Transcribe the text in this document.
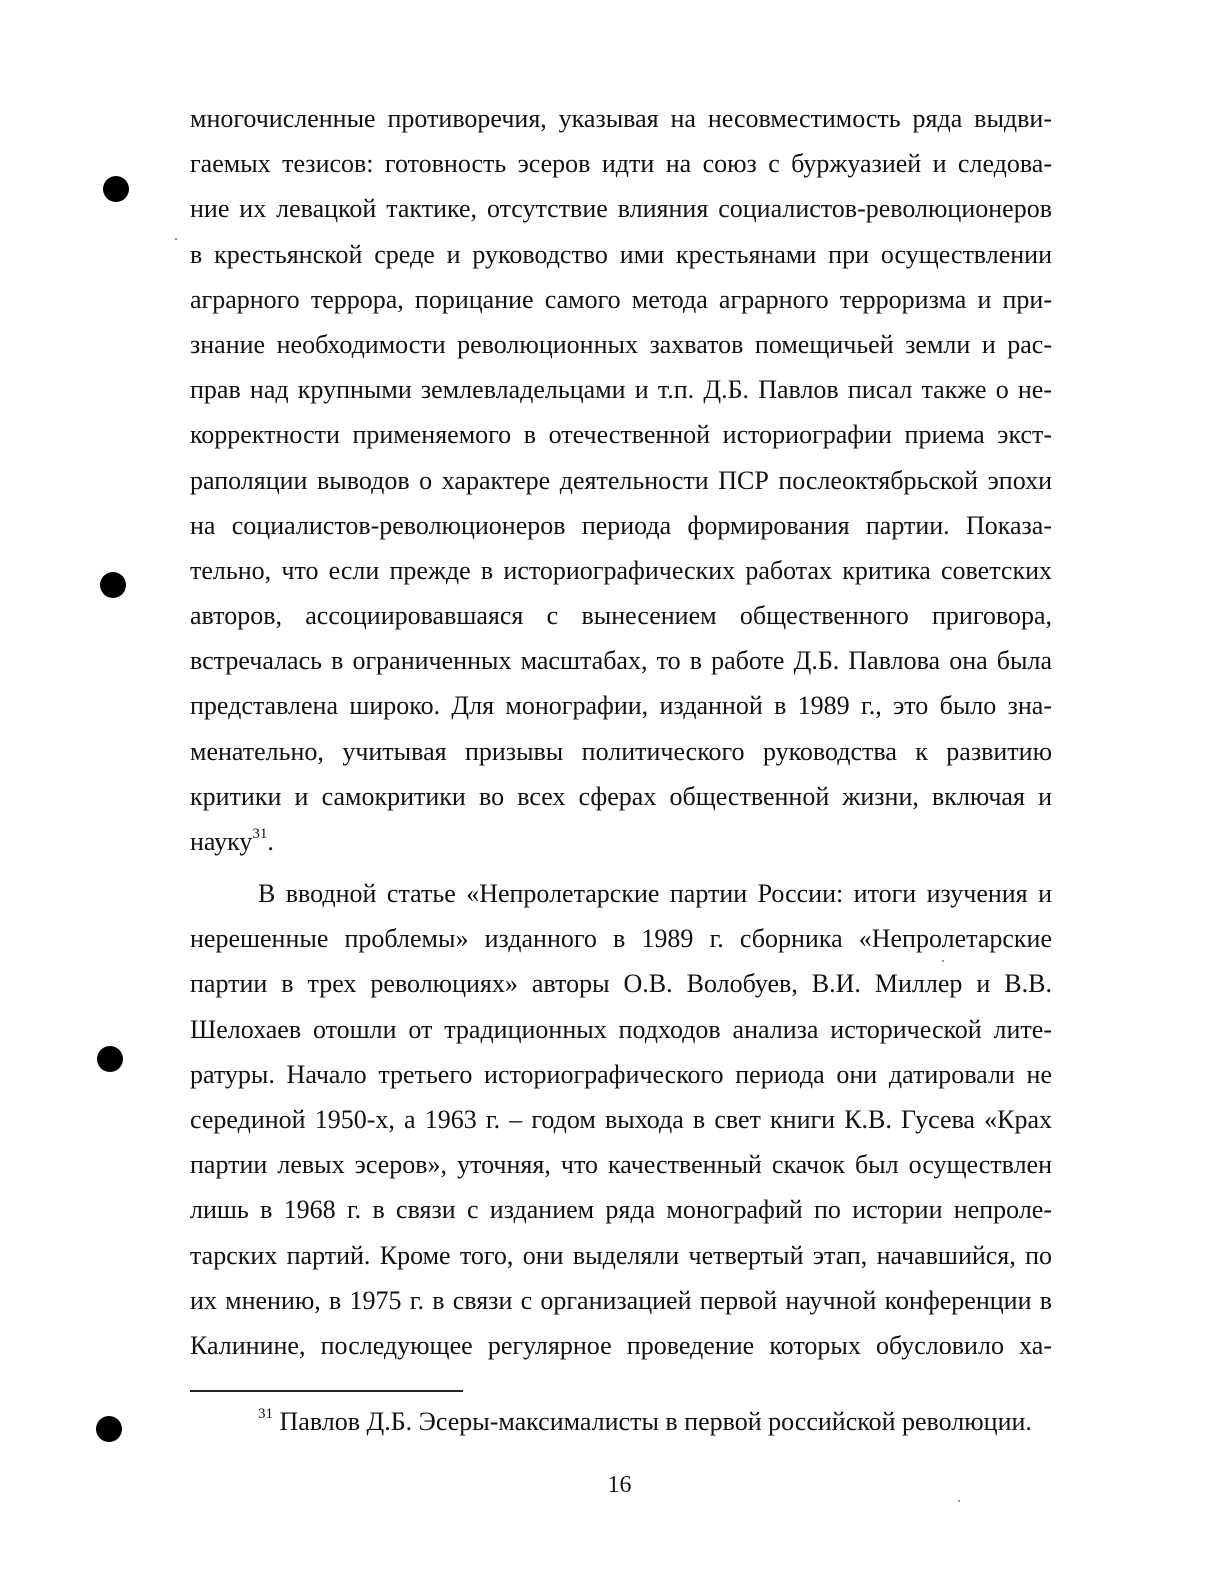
многочисленные противоречия, указывая на несовместимость ряда выдви-
гаемых тезисов: готовность эсеров идти на союз с буржуазией и следова-
ние их левацкой тактике, отсутствие влияния социалистов-революционеров
в крестьянской среде и руководство ими крестьянами при осуществлении
аграрного террора, порицание самого метода аграрного терроризма и при-
знание необходимости революционных захватов помещичьей земли и рас-
прав над крупными землевладельцами и т.п. Д.Б. Павлов писал также о не-
корректности применяемого в отечественной историографии приема экст-
раполяции выводов о характере деятельности ПСР послеоктябрьской эпохи
на социалистов-революционеров периода формирования партии. Показа-
тельно, что если прежде в историографических работах критика советских
авторов, ассоциировавшаяся с вынесением общественного приговора,
встречалась в ограниченных масштабах, то в работе Д.Б. Павлова она была
представлена широко. Для монографии, изданной в 1989 г., это было зна-
менательно, учитывая призывы политического руководства к развитию
критики и самокритики во всех сферах общественной жизни, включая и
науку$^{31}$.
В вводной статье «Непролетарские партии России: итоги изучения и
нерешенные проблемы» изданного в 1989 г. сборника «Непролетарские
партии в трех революциях» авторы О.В. Волобуев, В.И. Миллер и В.В.
Шелохаев отошли от традиционных подходов анализа исторической лите-
ратуры. Начало третьего историографического периода они датировали не
серединой 1950-х, а 1963 г. – годом выхода в свет книги К.В. Гусева «Крах
партии левых эсеров», уточняя, что качественный скачок был осуществлен
лишь в 1968 г. в связи с изданием ряда монографий по истории непроле-
тарских партий. Кроме того, они выделяли четвертый этап, начавшийся, по
их мнению, в 1975 г. в связи с организацией первой научной конференции в
Калинине, последующее регулярное проведение которых обусловило ха-
$^{31}$ Павлов Д.Б. Эсеры-максималисты в первой российской революции.
16
